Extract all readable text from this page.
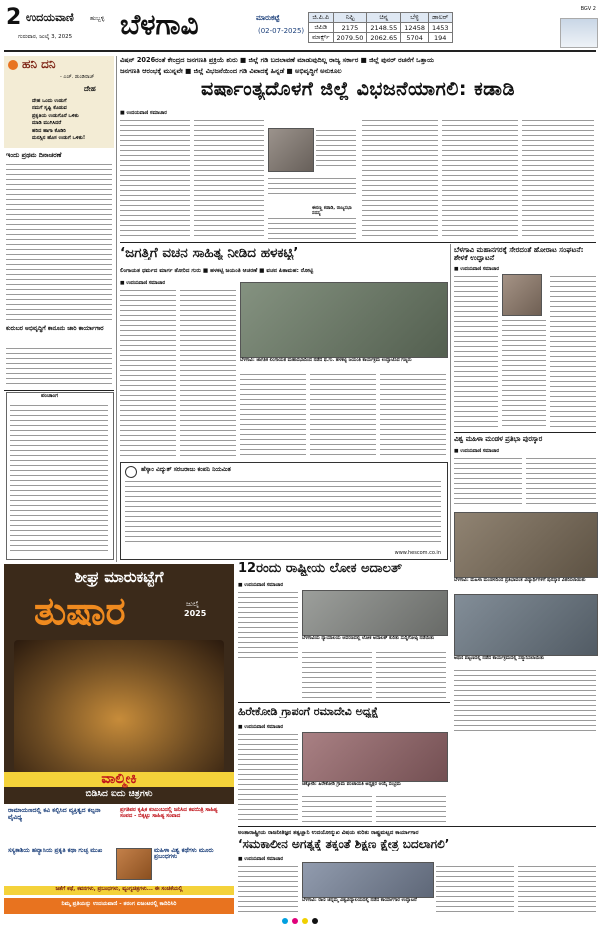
2 ಉದಯವಾಣಿ	ಹುಬ್ಬಳ್ಳಿ
ಗುರುವಾರ, ಜುಲೈ 3, 2025 ಬೆಳಗಾವಿ	ಮಾರುಕಟ್ಟೆ
(02-07-2025)
ಜಿ.ಪಿ.ಪಿ	ನಿಫ್ಟಿ	ಚಿನ್ನ	ಬೆಳ್ಳಿ	ಡಾಲರ್
ಜಿಪಿಡಿ	2175	2148.55	12458	1453
ಮಾರ್ಕ್ಸ್	2079.50	2062.65	5704	194
BGV 2
ಹನಿ ದನಿ
- ಎಚ್. ಡುಂಡಿರಾಜ್
ದೇಹ
ದೇಹ ಒಂದು ಉಡುಗೆ
ನಮಗೆ ಸೃಷ್ಟಿ ಕೊಡುವ
ಪ್ರಕೃತಿಯ ಉಡುಗೊರೆ ಒಳಿತು
ಮಾಡಿ ಮುಗಿಸಿದರೆ
ಹರಿದ ಹಾಗಾ ಕೊಡಿರಿ
ಮನಸ್ಸಿನ ಹೊಸ ಉಡುಗೆ ಒಳಿತು!
ಇಂದು ಪ್ರಥಮ ದಿನಾಚರಣೆ
ಕುರುಬರ ಅಭಿವೃದ್ಧಿಗೆ ಕಾನೂನು ಜಾರಿ ಕಾರ್ಯಾಗಾರ
ಪಂಚಾಂಗ
ವಿಷನ್ 2026ರಂತೆ ಕೇಂದ್ರದ ಜನಗಣತಿ ಪ್ರಕ್ರಿಯೆ ಶುರು ■ ಜಿಲ್ಲೆ ಗಡಿ ಬದಲಾವಣೆ ಮಾಡುವುದಿಲ್ಲ ರಾಜ್ಯ ಸರ್ಕಾರ ■ ಜಿಲ್ಲೆ ಪುನರ್ ರಚನೆಗೆ ಒತ್ತಾಯ
ಜನಗಣತಿ ಆರಂಭಕ್ಕೆ ಮುನ್ನವೇ ■ ಜಿಲ್ಲೆ ವಿಭಜನೆಯಿಂದ ಗಡಿ ವಿವಾದಕ್ಕೆ ಹಿನ್ನಡೆ ■ ಅಭಿವೃದ್ಧಿಗೆ ಅನುಕೂಲ
ವರ್ಷಾಂತ್ಯದೊಳಗೆ ಜಿಲ್ಲೆ ವಿಭಜನೆಯಾಗಲಿ: ಕಡಾಡಿ
■ ಉದಯವಾಣಿ ಸಮಾಚಾರ
ಈರಣ್ಣ ಕಡಾಡಿ, ರಾಜ್ಯಸಭಾ ಸದಸ್ಯ
‘ಜಗತ್ತಿಗೆ ವಚನ ಸಾಹಿತ್ಯ ನೀಡಿದ ಹಳಕಟ್ಟಿ’
ಲಿಂಗಾಯತ ಧರ್ಮದ ಮಾರ್ಗ ತೋರಿದ ಗುರು ■ ಹಳಕಟ್ಟಿ ಜಯಂತಿ ಆಚರಣೆ ■ ವಚನ ಪಿತಾಮಹ: ರೋಟ್ಟಿ
■ ಉದಯವಾಣಿ ಸಮಾಚಾರ
ಬೆಳಗಾವಿ: ಜಾಗತಿಕ ಲಿಂಗಾಯತ ಮಹಾಸಭಾದಿಂದ ನಡೆದ ಫ.ಗು. ಹಳಕಟ್ಟಿ ಜಯಂತಿ ಕಾರ್ಯಕ್ರಮ ಉದ್ಘಾಟಿಸಿದ ಗಣ್ಯರು
ಬೆಳಗಾವಿ ಮಹಾನಗರಕ್ಕೆ ಸೇರದಂತೆ ಹೋರಾಟ ಸಂಘಟನೆ: ಶೇಳಕೆ ಉದ್ಘಾಟನೆ
■ ಉದಯವಾಣಿ ಸಮಾಚಾರ
ವಿಶ್ವ ಮಹಿಳಾ ಮಂಡಳ ಪ್ರತಿಭಾ ಪುರಸ್ಕಾರ
■ ಉದಯವಾಣಿ ಸಮಾಚಾರ
ಬೆಳಗಾವಿ: ಮಹಿಳಾ ಮಂಡಳದಿಂದ ಪ್ರತಿಭಾವಂತ ವಿದ್ಯಾರ್ಥಿಗಳಿಗೆ ಪುರಸ್ಕಾರ ವಿತರಿಸಲಾಯಿತು
ಅಥಣಿ ಪಟ್ಟಣದಲ್ಲಿ ನಡೆದ ಕಾರ್ಯಕ್ರಮದಲ್ಲಿ ಸನ್ಮಾನಿಸಲಾಯಿತು
ಹೆಸ್ಕಾಂ ವಿದ್ಯುತ್ ಸರಬರಾಜು ಕಂಪನಿ ನಿಯಮಿತ
www.hescom.co.in
ಶೀಘ್ರ ಮಾರುಕಟ್ಟೆಗೆ
ತುಷಾರ	ಜುಲೈ
2025
ವಾಲ್ಮೀಕಿ
ಬಿಡಿಸಿದ ಐದು ಚಿತ್ರಗಳು
ರಾಮಾಯಣದಲ್ಲಿ ಕವಿ ಕಲ್ಪಿಸಿದ ವ್ಯಕ್ತಿತ್ವದ ಕಲ್ಪನಾ ವೈವಿಧ್ಯ
ಪ್ರಗತಿಪರ ಕೃಷಿಕ ಕುಟುಂಬದಲ್ಲಿ ಜನಿಸಿದ ಕವಯಿತ್ರಿ ಸಾಹಿತ್ಯ ಸಂಪದ - ಬಿಕ್ಕಟ್ಟು ಸಾಹಿತ್ಯ ಸಂವಾದ
ಸಸ್ಯಕಾಶಿಯ ಹವ್ಯಾಸಿಯ ಪ್ರಕೃತಿ ಕಥಾ ಗುಚ್ಛ ಮುಖ	ಮಹಿಳಾ ವಿಶ್ವ ಕಥೆಗಳು ಮೂರು ಪ್ರಬಂಧಗಳು
ಜತೆಗೆ ಕಥೆ, ಕವನಗಳು, ಪ್ರಬಂಧಗಳು, ವ್ಯಂಗ್ಯಚಿತ್ರಗಳು... ಈ ಸಂಚಿಕೆಯಲ್ಲಿ
ನಿಮ್ಮ ಪ್ರತಿಯನ್ನು ಉದಯವಾಣಿ - ತರಂಗ ಏಜಂಟರಲ್ಲಿ ಕಾದಿರಿಸಿರಿ
12ರಂದು ರಾಷ್ಟ್ರೀಯ ಲೋಕ ಅದಾಲತ್
■ ಉದಯವಾಣಿ ಸಮಾಚಾರ
ಬೆಳಗಾವಿಯ ನ್ಯಾಯಾಲಯ ಆವರಣದಲ್ಲಿ ಲೋಕ ಅದಾಲತ್ ಕುರಿತು ಸುದ್ದಿಗೋಷ್ಠಿ ನಡೆಯಿತು
ಹಿರೇಕೋಡಿ ಗ್ರಾಪಂಗೆ ರಮಾದೇವಿ ಅಧ್ಯಕ್ಷೆ
■ ಉದಯವಾಣಿ ಸಮಾಚಾರ
ಚಿಕ್ಕೋಡಿ: ಹಿರೇಕೋಡಿ ಗ್ರಾಮ ಪಂಚಾಯತಿ ಅಧ್ಯಕ್ಷರ ಆಯ್ಕೆ ಸಂಭ್ರಮ
ಅಂತಾರಾಷ್ಟ್ರೀಯ ರಾಜನೀತಿಜ್ಞನ ತತ್ವಜ್ಞಾನಿ ಉದಯೋನ್ಮುಖ ವಿಷಯ ಕುರಿತು ರಾಷ್ಟ್ರಮಟ್ಟದ ಕಾರ್ಯಾಗಾರ
‘ಸಮಕಾಲೀನ ಅಗತ್ಯಕ್ಕೆ ತಕ್ಕಂತೆ ಶಿಕ್ಷಣ ಕ್ಷೇತ್ರ ಬದಲಾಗಲಿ’
■ ಉದಯವಾಣಿ ಸಮಾಚಾರ
ಬೆಳಗಾವಿ: ರಾಣಿ ಚನ್ನಮ್ಮ ವಿಶ್ವವಿದ್ಯಾಲಯದಲ್ಲಿ ನಡೆದ ಕಾರ್ಯಾಗಾರ ಉದ್ಘಾಟನೆ
